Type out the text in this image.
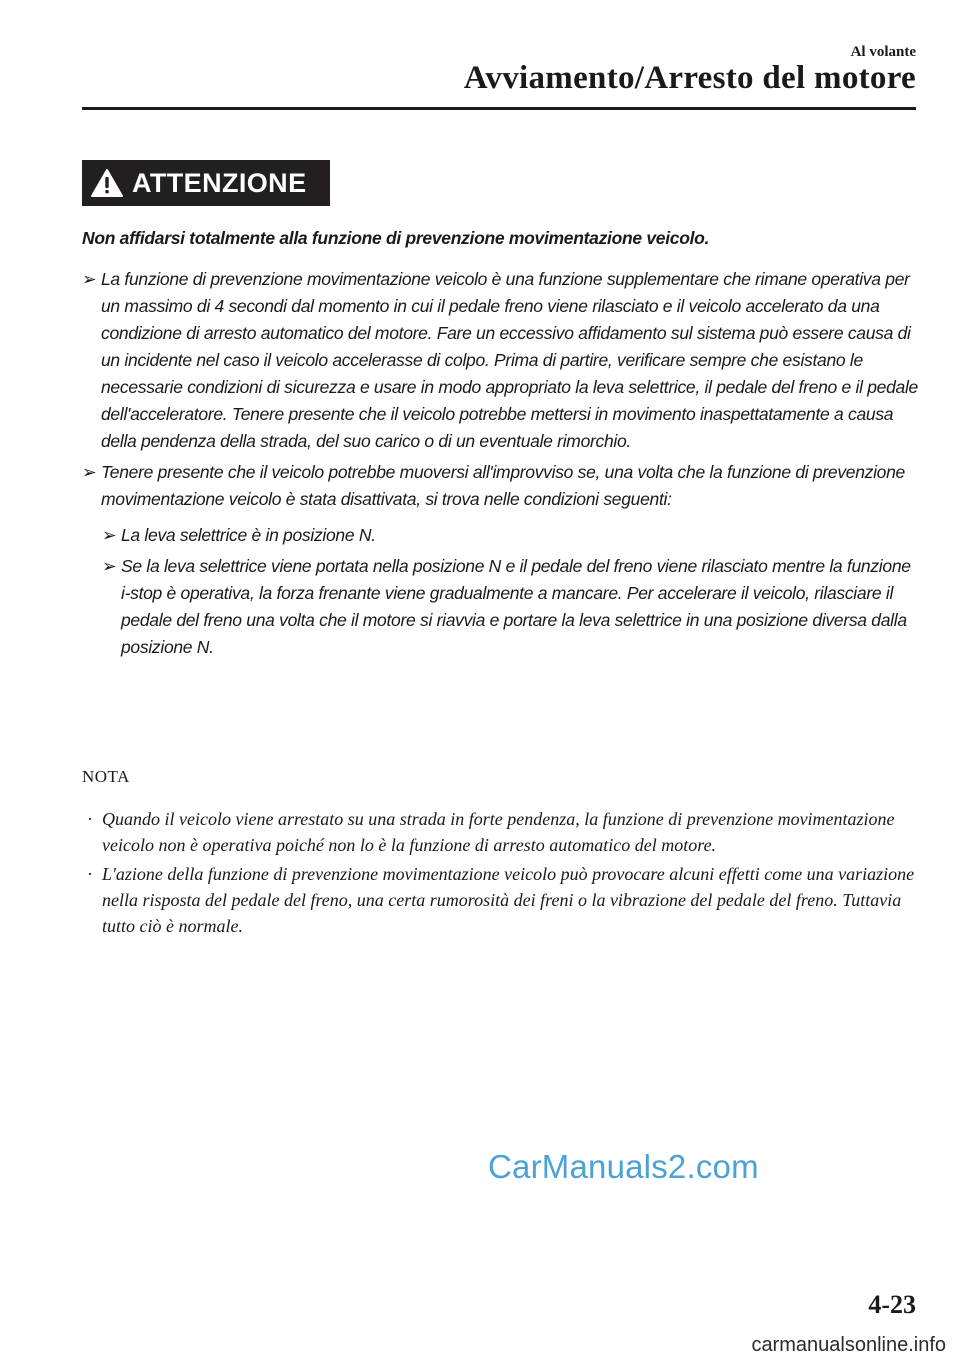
Al volante
Avviamento/Arresto del motore
ATTENZIONE
Non affidarsi totalmente alla funzione di prevenzione movimentazione veicolo.
➢ La funzione di prevenzione movimentazione veicolo è una funzione supplementare che rimane operativa per un massimo di 4 secondi dal momento in cui il pedale freno viene rilasciato e il veicolo accelerato da una condizione di arresto automatico del motore. Fare un eccessivo affidamento sul sistema può essere causa di un incidente nel caso il veicolo accelerasse di colpo. Prima di partire, verificare sempre che esistano le necessarie condizioni di sicurezza e usare in modo appropriato la leva selettrice, il pedale del freno e il pedale dell'acceleratore. Tenere presente che il veicolo potrebbe mettersi in movimento inaspettatamente a causa della pendenza della strada, del suo carico o di un eventuale rimorchio.
➢ Tenere presente che il veicolo potrebbe muoversi all'improvviso se, una volta che la funzione di prevenzione movimentazione veicolo è stata disattivata, si trova nelle condizioni seguenti:
➢ La leva selettrice è in posizione N.
➢ Se la leva selettrice viene portata nella posizione N e il pedale del freno viene rilasciato mentre la funzione i-stop è operativa, la forza frenante viene gradualmente a mancare. Per accelerare il veicolo, rilasciare il pedale del freno una volta che il motore si riavvia e portare la leva selettrice in una posizione diversa dalla posizione N.
NOTA
· Quando il veicolo viene arrestato su una strada in forte pendenza, la funzione di prevenzione movimentazione veicolo non è operativa poiché non lo è la funzione di arresto automatico del motore.
· L'azione della funzione di prevenzione movimentazione veicolo può provocare alcuni effetti come una variazione nella risposta del pedale del freno, una certa rumorosità dei freni o la vibrazione del pedale del freno. Tuttavia tutto ciò è normale.
CarManuals2.com
4-23
carmanualsonline.info
